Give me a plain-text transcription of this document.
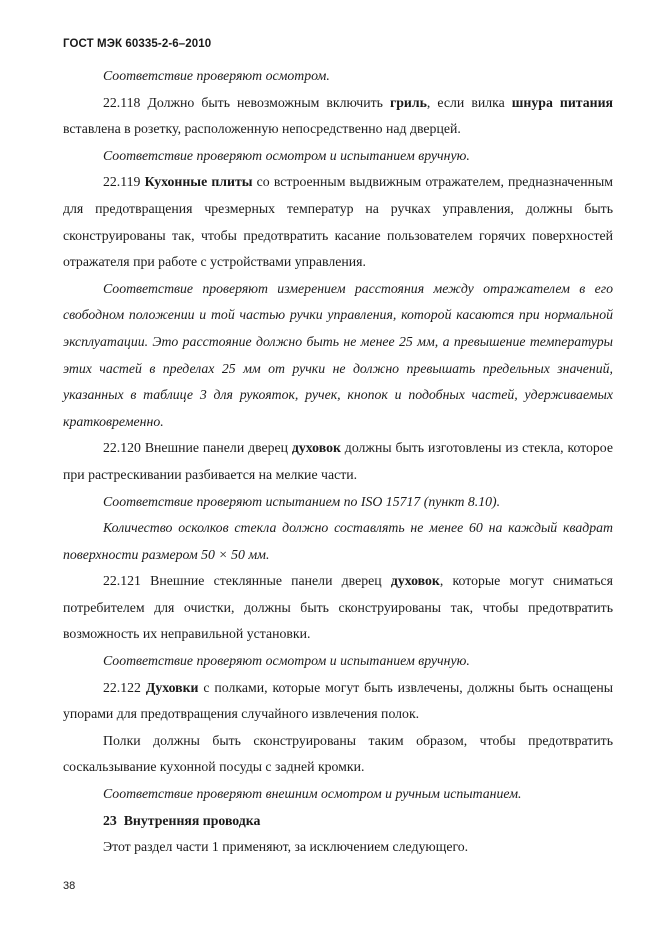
ГОСТ МЭК 60335-2-6–2010

Соответствие проверяют осмотром.

22.118 Должно быть невозможным включить гриль, если вилка шнура питания вставлена в розетку, расположенную непосредственно над дверцей.

Соответствие проверяют осмотром и испытанием вручную.

22.119 Кухонные плиты со встроенным выдвижным отражателем, предназначенным для предотвращения чрезмерных температур на ручках управления, должны быть сконструированы так, чтобы предотвратить касание пользователем горячих поверхностей отражателя при работе с устройствами управления.

Соответствие проверяют измерением расстояния между отражателем в его свободном положении и той частью ручки управления, которой касаются при нормальной эксплуатации. Это расстояние должно быть не менее 25 мм, а превышение температуры этих частей в пределах 25 мм от ручки не должно превышать предельных значений, указанных в таблице 3 для рукояток, ручек, кнопок и подобных частей, удерживаемых кратковременно.

22.120 Внешние панели дверец духовок должны быть изготовлены из стекла, которое при растрескивании разбивается на мелкие части.

Соответствие проверяют испытанием по ISO 15717 (пункт 8.10).

Количество осколков стекла должно составлять не менее 60 на каждый квадрат поверхности размером 50 × 50 мм.

22.121 Внешние стеклянные панели дверец духовок, которые могут сниматься потребителем для очистки, должны быть сконструированы так, чтобы предотвратить возможность их неправильной установки.

Соответствие проверяют осмотром и испытанием вручную.

22.122 Духовки с полками, которые могут быть извлечены, должны быть оснащены упорами для предотвращения случайного извлечения полок.

Полки должны быть сконструированы таким образом, чтобы предотвратить соскальзывание кухонной посуды с задней кромки.

Соответствие проверяют внешним осмотром и ручным испытанием.

23 Внутренняя проводка

Этот раздел части 1 применяют, за исключением следующего.

38
